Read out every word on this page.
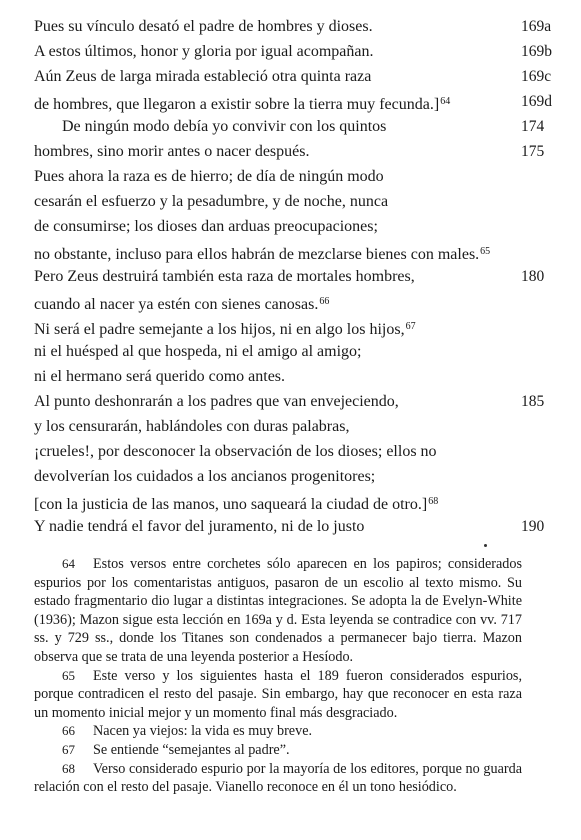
Pues su vínculo desató el padre de hombres y dioses.	169a
A estos últimos, honor y gloria por igual acompañan.	169b
Aún Zeus de larga mirada estableció otra quinta raza	169c
de hombres, que llegaron a existir sobre la tierra muy fecunda.]$^{64}$	169d
De ningún modo debía yo convivir con los quintos	174
hombres, sino morir antes o nacer después.	175
Pues ahora la raza es de hierro; de día de ningún modo
cesarán el esfuerzo y la pesadumbre, y de noche, nunca
de consumirse; los dioses dan arduas preocupaciones;
no obstante, incluso para ellos habrán de mezclarse bienes con males.$^{65}$
Pero Zeus destruirá también esta raza de mortales hombres,	180
cuando al nacer ya estén con sienes canosas.$^{66}$
Ni será el padre semejante a los hijos, ni en algo los hijos,$^{67}$
ni el huésped al que hospeda, ni el amigo al amigo;
ni el hermano será querido como antes.
Al punto deshonrarán a los padres que van envejeciendo,	185
y los censurarán, hablándoles con duras palabras,
¡crueles!, por desconocer la observación de los dioses; ellos no
devolverían los cuidados a los ancianos progenitores;
[con la justicia de las manos, uno saqueará la ciudad de otro.]$^{68}$
Y nadie tendrá el favor del juramento, ni de lo justo	190

64 Estos versos entre corchetes sólo aparecen en los papiros; considerados espurios por los comentaristas antiguos, pasaron de un escolio al texto mismo. Su estado fragmentario dio lugar a distintas integraciones. Se adopta la de Evelyn-White (1936); Mazon sigue esta lección en 169a y d. Esta leyenda se contradice con vv. 717 ss. y 729 ss., donde los Titanes son condenados a permanecer bajo tierra. Mazon observa que se trata de una leyenda posterior a Hesíodo.

65 Este verso y los siguientes hasta el 189 fueron considerados espurios, porque contradicen el resto del pasaje. Sin embargo, hay que reconocer en esta raza un momento inicial mejor y un momento final más desgraciado.

66 Nacen ya viejos: la vida es muy breve.

67 Se entiende “semejantes al padre”.

68 Verso considerado espurio por la mayoría de los editores, porque no guarda relación con el resto del pasaje. Vianello reconoce en él un tono hesiódico.
